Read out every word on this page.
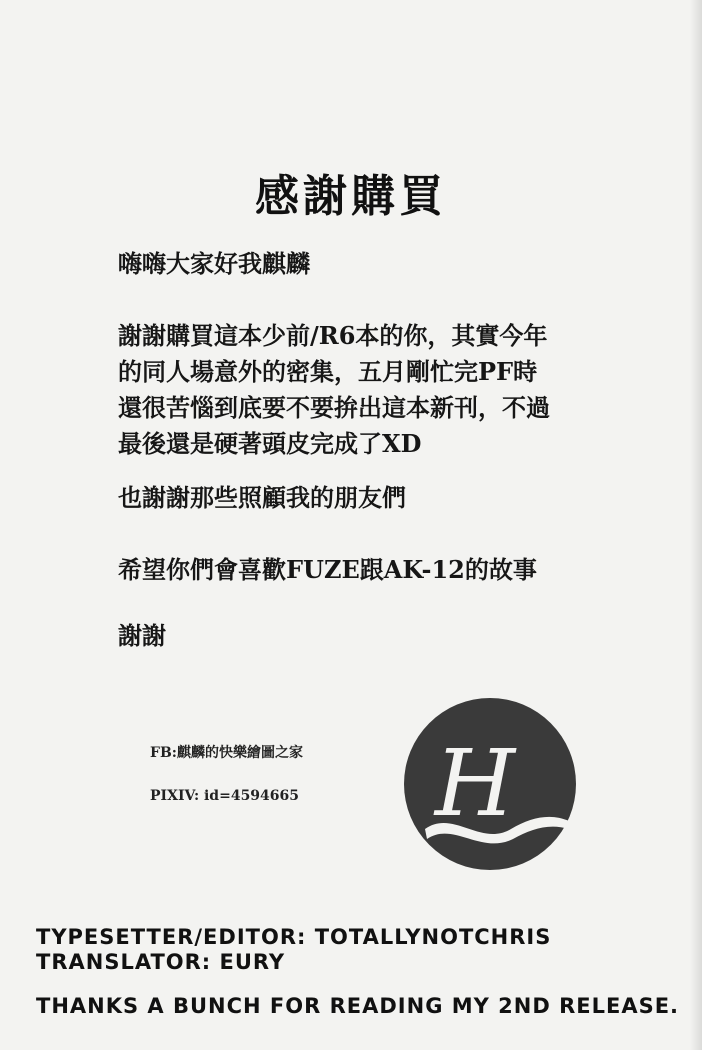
感謝購買
嗨嗨大家好我麒麟
謝謝購買這本少前/R6本的你，其實今年
的同人場意外的密集，五月剛忙完PF時
還很苦惱到底要不要拚出這本新刊，不過
最後還是硬著頭皮完成了XD
也謝謝那些照顧我的朋友們
希望你們會喜歡FUZE跟AK-12的故事
謝謝
FB:麒麟的快樂繪圖之家
PIXIV: id=4594665 H
TYPESETTER/EDITOR: TOTALLYNOTCHRIS
TRANSLATOR: EURY
THANKS A BUNCH FOR READING MY 2ND RELEASE.
